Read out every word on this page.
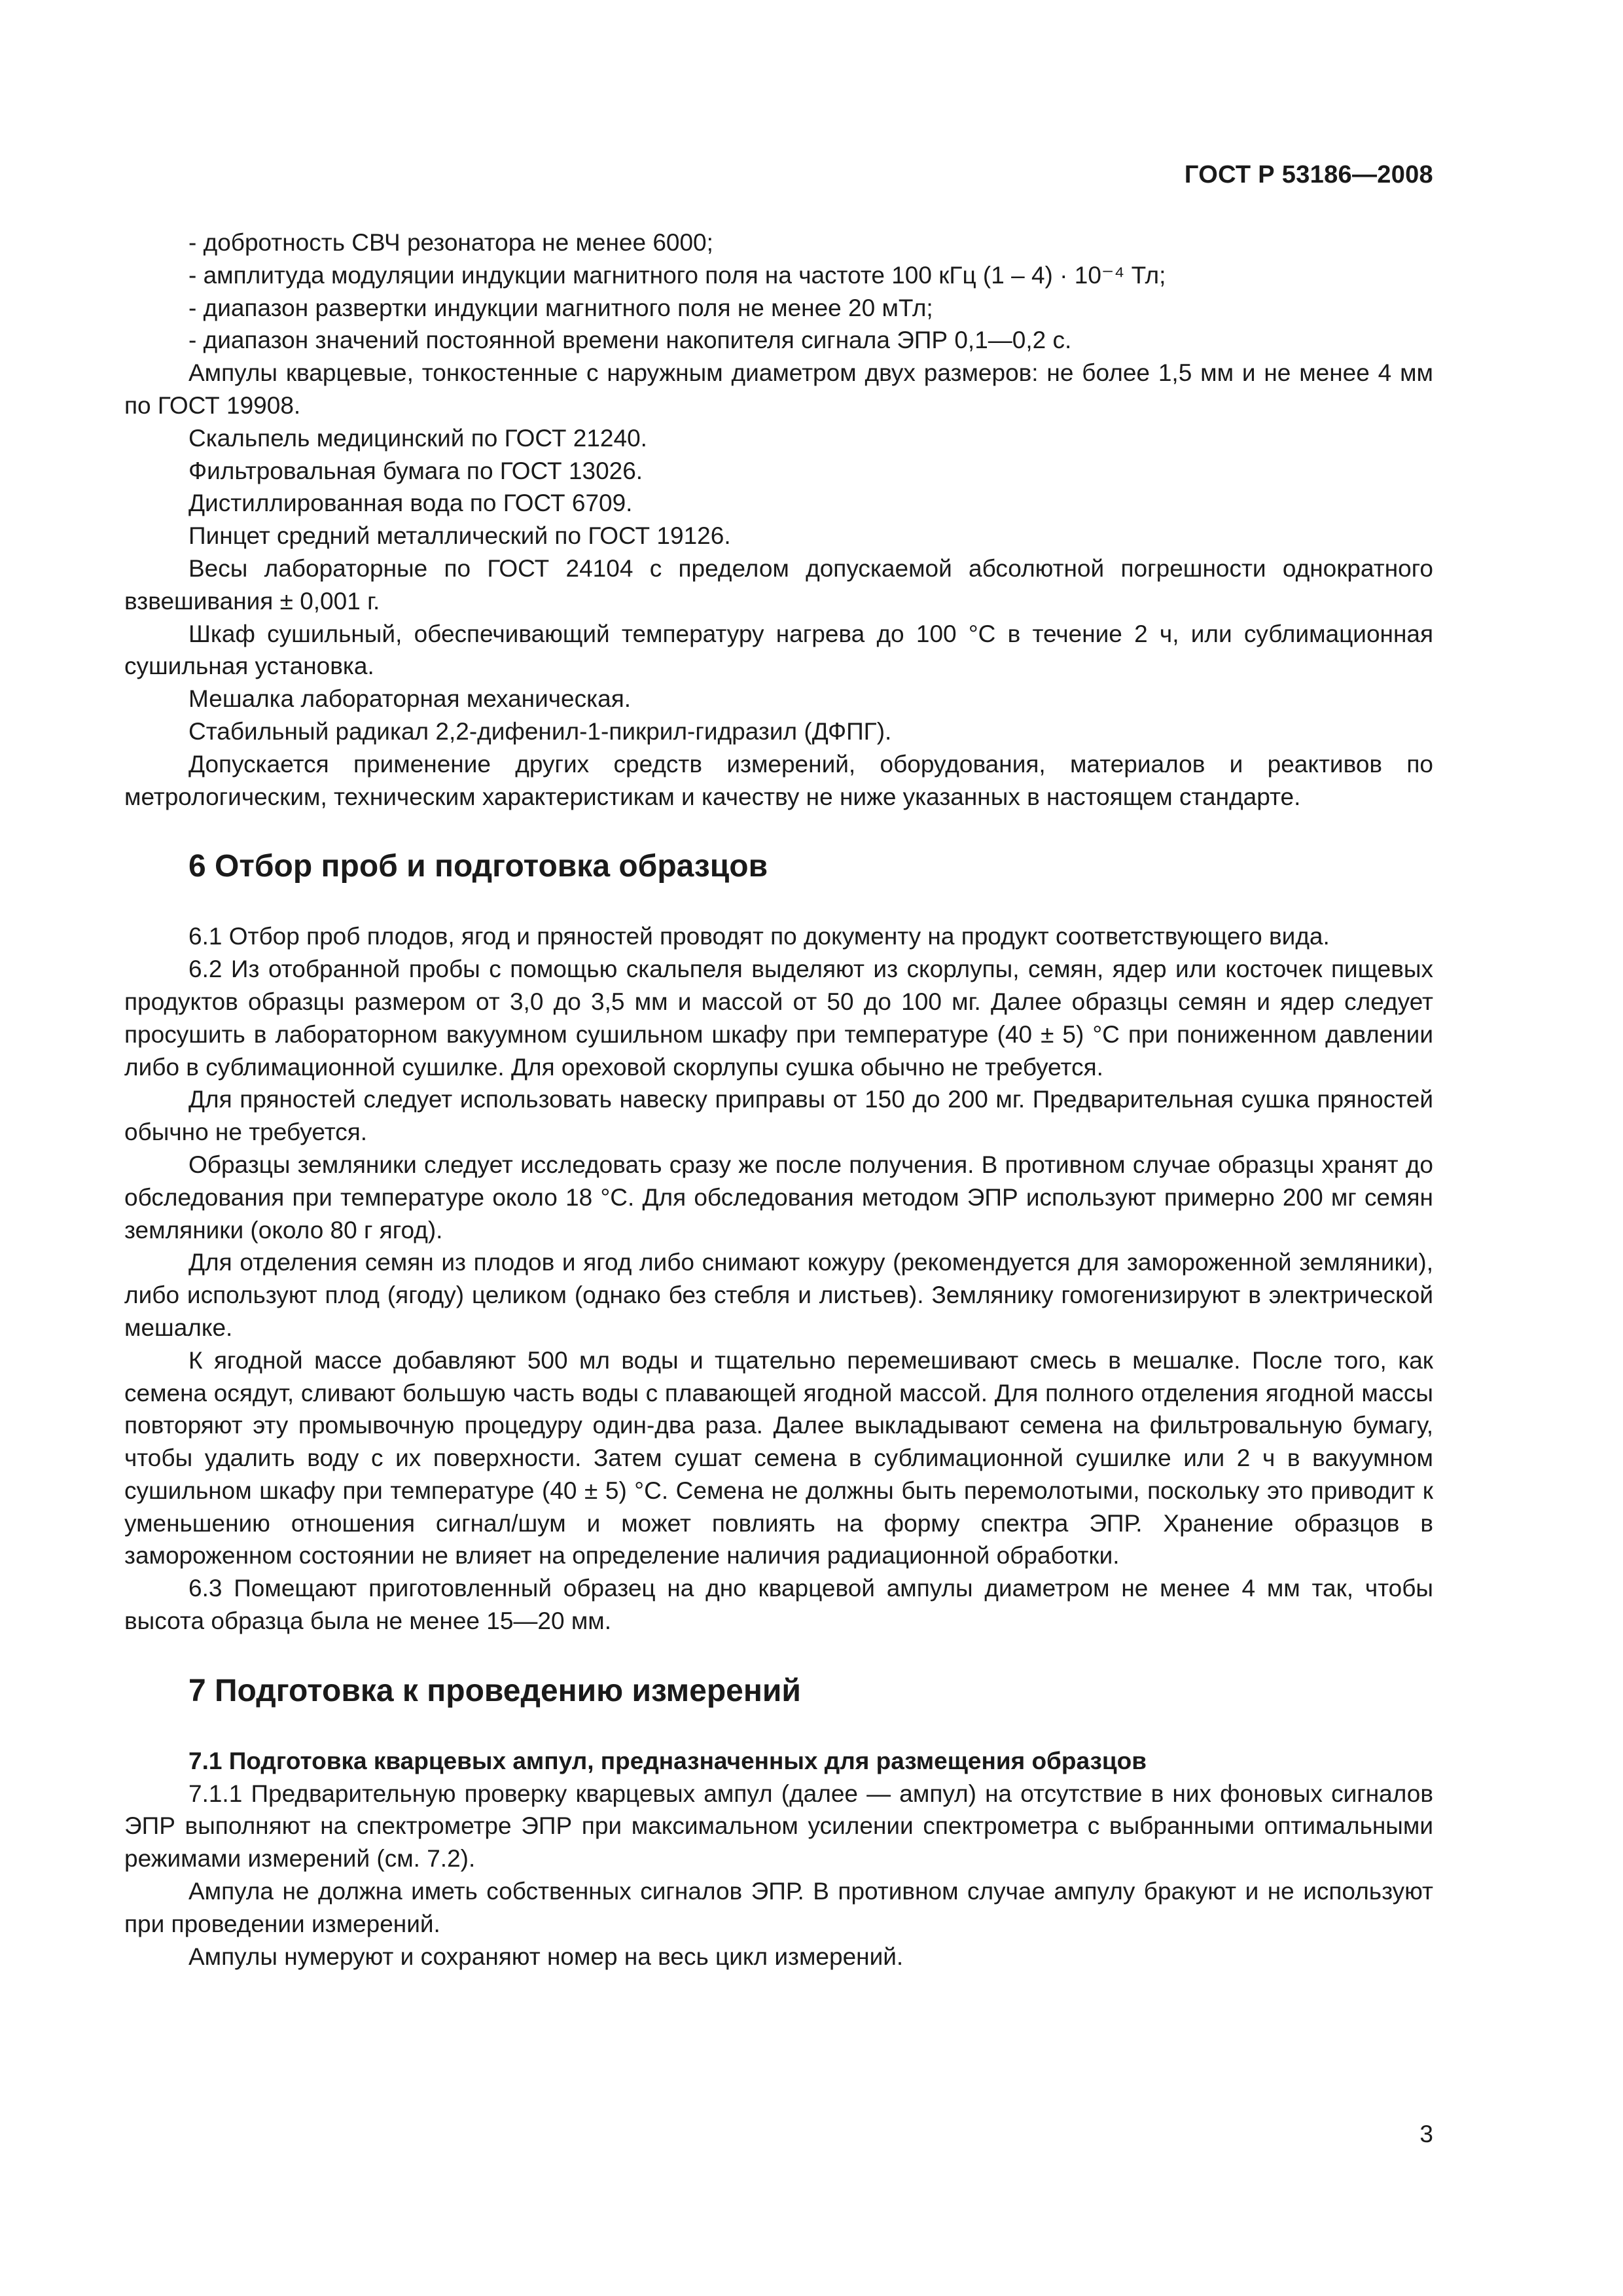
ГОСТ Р 53186—2008

- добротность СВЧ резонатора не менее 6000;

- амплитуда модуляции индукции магнитного поля на частоте 100 кГц (1 – 4) · 10⁻⁴ Тл;

- диапазон развертки индукции магнитного поля не менее 20 мТл;

- диапазон значений постоянной времени накопителя сигнала ЭПР 0,1—0,2 с.

Ампулы кварцевые, тонкостенные с наружным диаметром двух размеров: не более 1,5 мм и не менее 4 мм по ГОСТ 19908.

Скальпель медицинский по ГОСТ 21240.

Фильтровальная бумага по ГОСТ 13026.

Дистиллированная вода по ГОСТ 6709.

Пинцет средний металлический по ГОСТ 19126.

Весы лабораторные по ГОСТ 24104 с пределом допускаемой абсолютной погрешности однократного взвешивания ± 0,001 г.

Шкаф сушильный, обеспечивающий температуру нагрева до 100 °С в течение 2 ч, или сублимационная сушильная установка.

Мешалка лабораторная механическая.

Стабильный радикал 2,2-дифенил-1-пикрил-гидразил (ДФПГ).

Допускается применение других средств измерений, оборудования, материалов и реактивов по метрологическим, техническим характеристикам и качеству не ниже указанных в настоящем стандарте.

6 Отбор проб и подготовка образцов

6.1 Отбор проб плодов, ягод и пряностей проводят по документу на продукт соответствующего вида.

6.2 Из отобранной пробы с помощью скальпеля выделяют из скорлупы, семян, ядер или косточек пищевых продуктов образцы размером от 3,0 до 3,5 мм и массой от 50 до 100 мг. Далее образцы семян и ядер следует просушить в лабораторном вакуумном сушильном шкафу при температуре (40 ± 5) °С при пониженном давлении либо в сублимационной сушилке. Для ореховой скорлупы сушка обычно не требуется.

Для пряностей следует использовать навеску приправы от 150 до 200 мг. Предварительная сушка пряностей обычно не требуется.

Образцы земляники следует исследовать сразу же после получения. В противном случае образцы хранят до обследования при температуре около 18 °С. Для обследования методом ЭПР используют примерно 200 мг семян земляники (около 80 г ягод).

Для отделения семян из плодов и ягод либо снимают кожуру (рекомендуется для замороженной земляники), либо используют плод (ягоду) целиком (однако без стебля и листьев). Землянику гомогенизируют в электрической мешалке.

К ягодной массе добавляют 500 мл воды и тщательно перемешивают смесь в мешалке. После того, как семена осядут, сливают большую часть воды с плавающей ягодной массой. Для полного отделения ягодной массы повторяют эту промывочную процедуру один-два раза. Далее выкладывают семена на фильтровальную бумагу, чтобы удалить воду с их поверхности. Затем сушат семена в сублимационной сушилке или 2 ч в вакуумном сушильном шкафу при температуре (40 ± 5) °С. Семена не должны быть перемолотыми, поскольку это приводит к уменьшению отношения сигнал/шум и может повлиять на форму спектра ЭПР. Хранение образцов в замороженном состоянии не влияет на определение наличия радиационной обработки.

6.3 Помещают приготовленный образец на дно кварцевой ампулы диаметром не менее 4 мм так, чтобы высота образца была не менее 15—20 мм.

7 Подготовка к проведению измерений

7.1 Подготовка кварцевых ампул, предназначенных для размещения образцов

7.1.1 Предварительную проверку кварцевых ампул (далее — ампул) на отсутствие в них фоновых сигналов ЭПР выполняют на спектрометре ЭПР при максимальном усилении спектрометра с выбранными оптимальными режимами измерений (см. 7.2).

Ампула не должна иметь собственных сигналов ЭПР. В противном случае ампулу бракуют и не используют при проведении измерений.

Ампулы нумеруют и сохраняют номер на весь цикл измерений.

3
